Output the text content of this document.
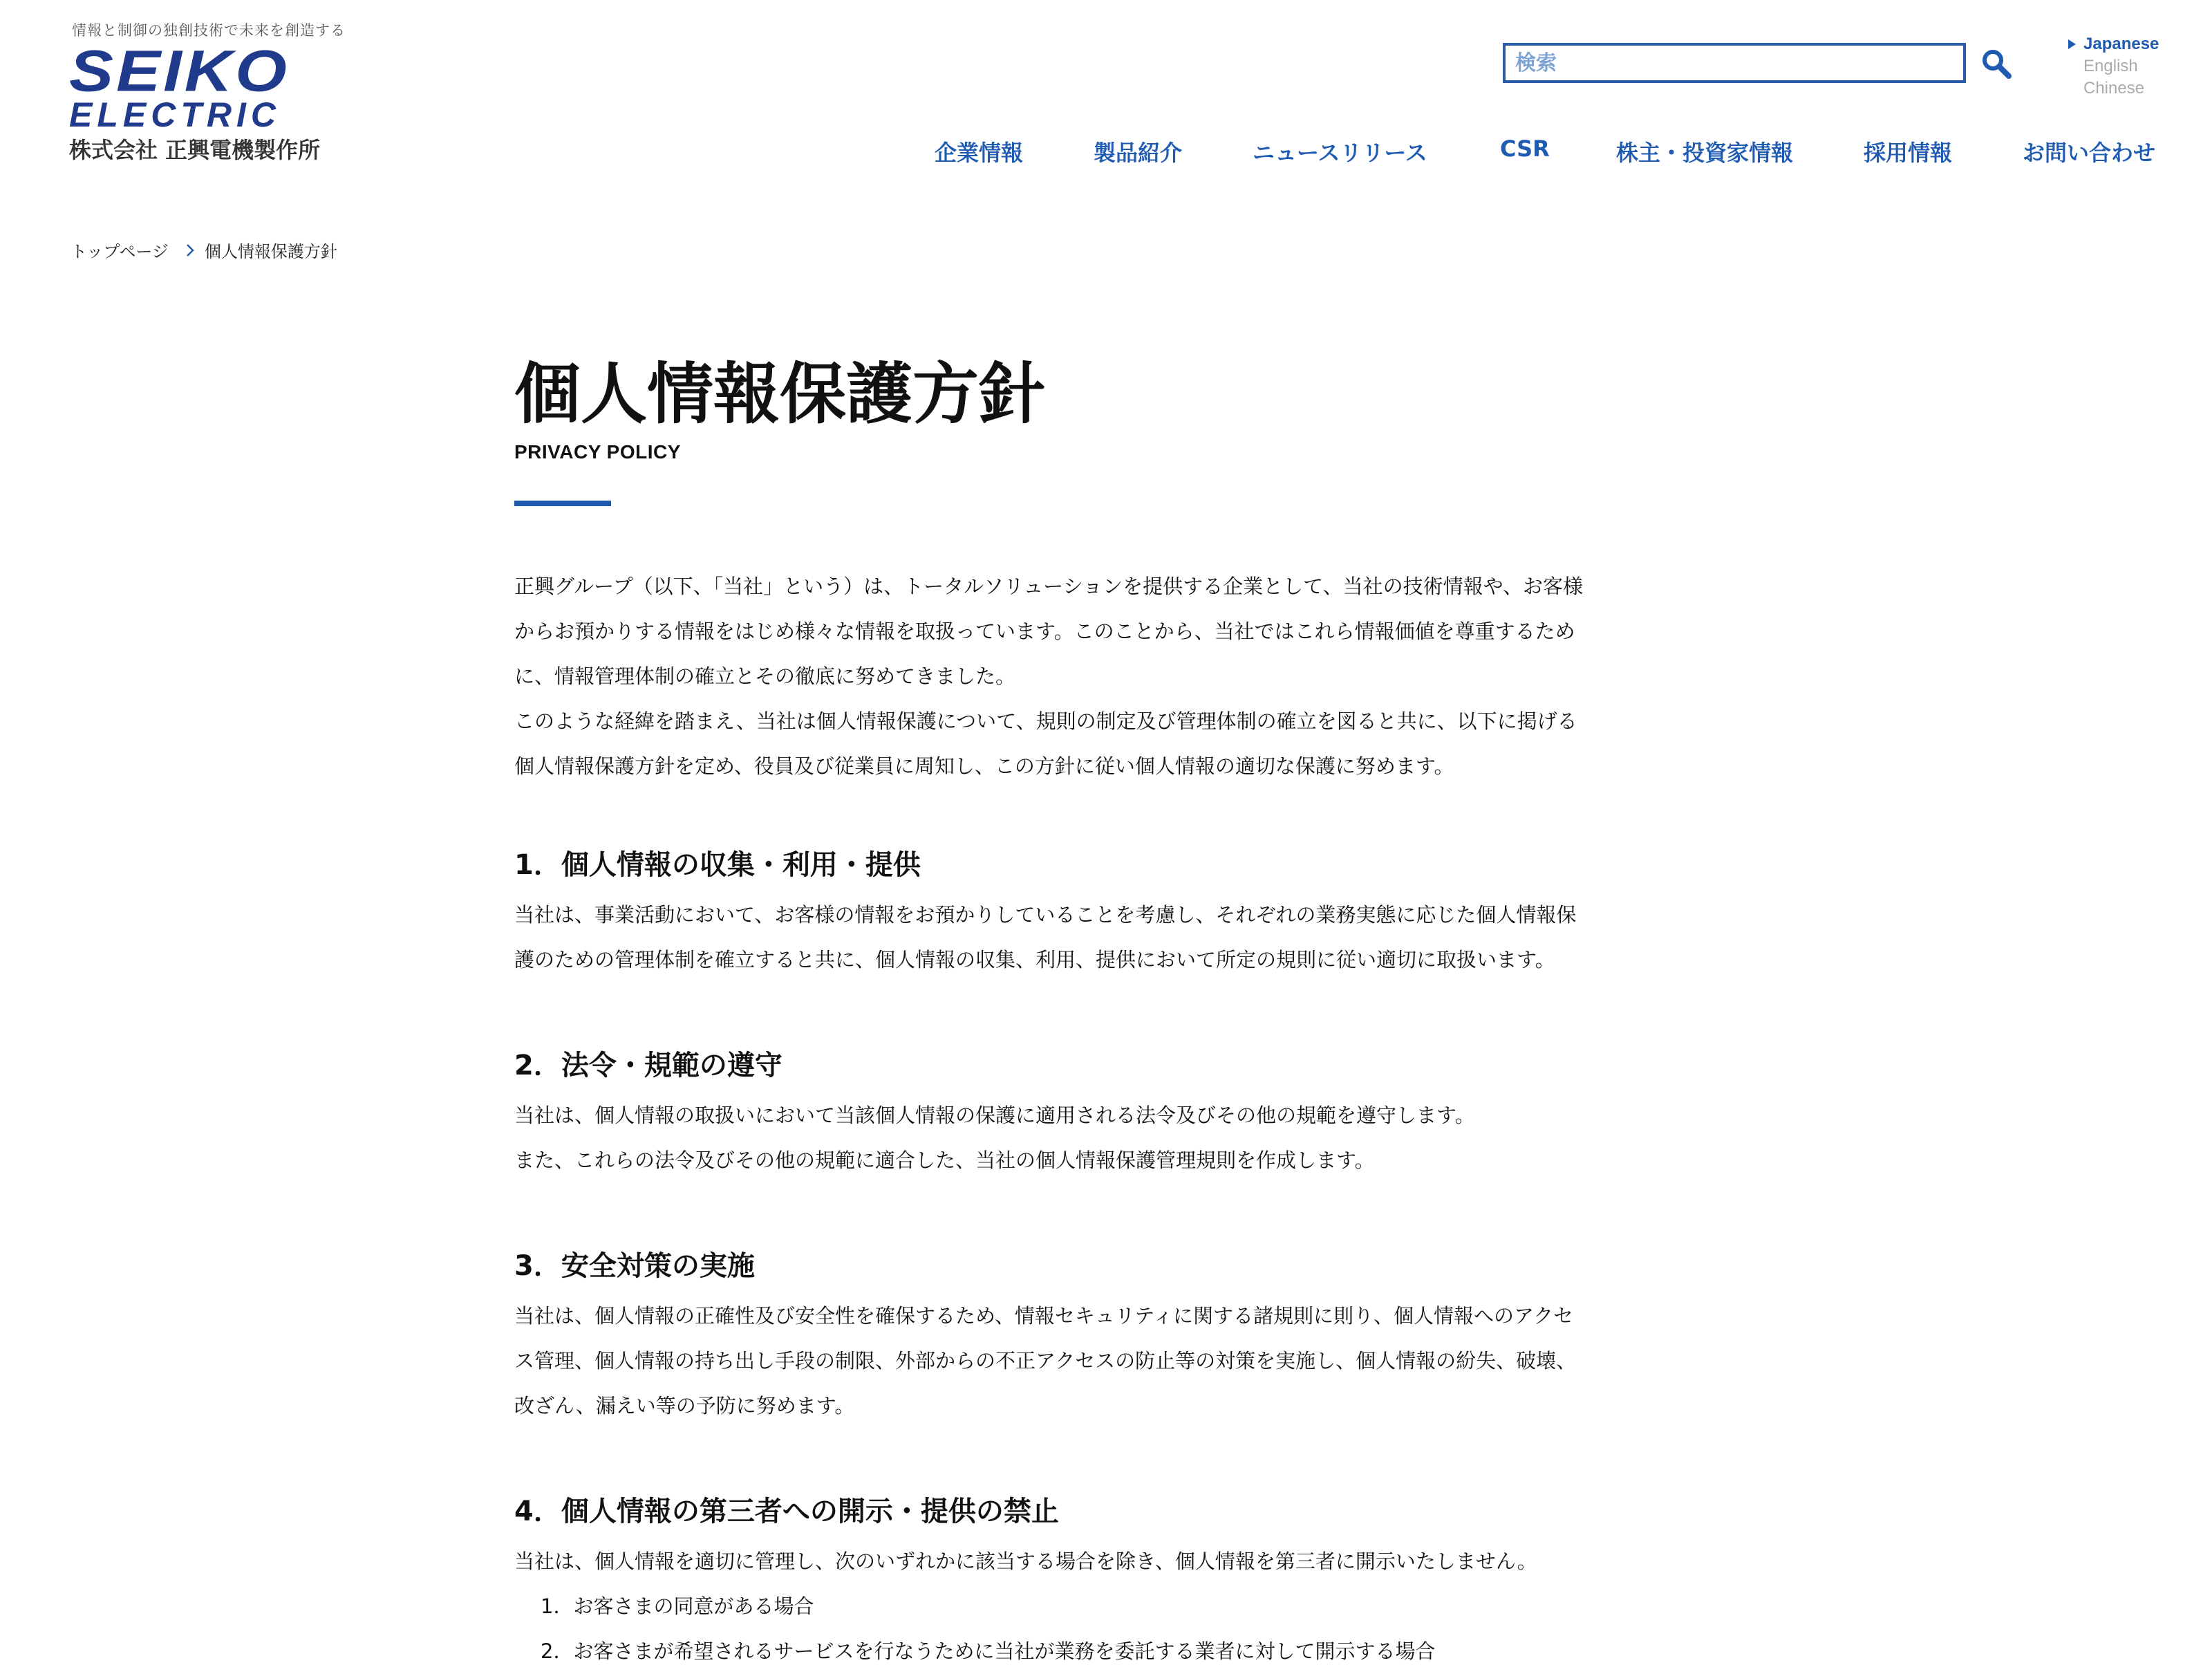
情報と制御の独創技術で未来を創造する
SEIKO
ELECTRIC
株式会社 正興電機製作所
検索
Japanese
English
Chinese
企業情報	製品紹介	ニュースリリース	CSR	株主・投資家情報	採用情報	お問い合わせ
トップページ 個人情報保護方針
個人情報保護方針
PRIVACY POLICY

正興グループ（以下、「当社」という）は、トータルソリューションを提供する企業として、当社の技術情報や、お客様

からお預かりする情報をはじめ様々な情報を取扱っています。このことから、当社ではこれら情報価値を尊重するため

に、情報管理体制の確立とその徹底に努めてきました。

このような経緯を踏まえ、当社は個人情報保護について、規則の制定及び管理体制の確立を図ると共に、以下に掲げる

個人情報保護方針を定め、役員及び従業員に周知し、この方針に従い個人情報の適切な保護に努めます。

1．個人情報の収集・利用・提供

当社は、事業活動において、お客様の情報をお預かりしていることを考慮し、それぞれの業務実態に応じた個人情報保

護のための管理体制を確立すると共に、個人情報の収集、利用、提供において所定の規則に従い適切に取扱います。

2．法令・規範の遵守

当社は、個人情報の取扱いにおいて当該個人情報の保護に適用される法令及びその他の規範を遵守します。

また、これらの法令及びその他の規範に適合した、当社の個人情報保護管理規則を作成します。

3．安全対策の実施

当社は、個人情報の正確性及び安全性を確保するため、情報セキュリティに関する諸規則に則り、個人情報へのアクセ

ス管理、個人情報の持ち出し手段の制限、外部からの不正アクセスの防止等の対策を実施し、個人情報の紛失、破壊、

改ざん、漏えい等の予防に努めます。

4．個人情報の第三者への開示・提供の禁止

当社は、個人情報を適切に管理し、次のいずれかに該当する場合を除き、個人情報を第三者に開示いたしません。

1．お客さまの同意がある場合

2．お客さまが希望されるサービスを行なうために当社が業務を委託する業者に対して開示する場合
